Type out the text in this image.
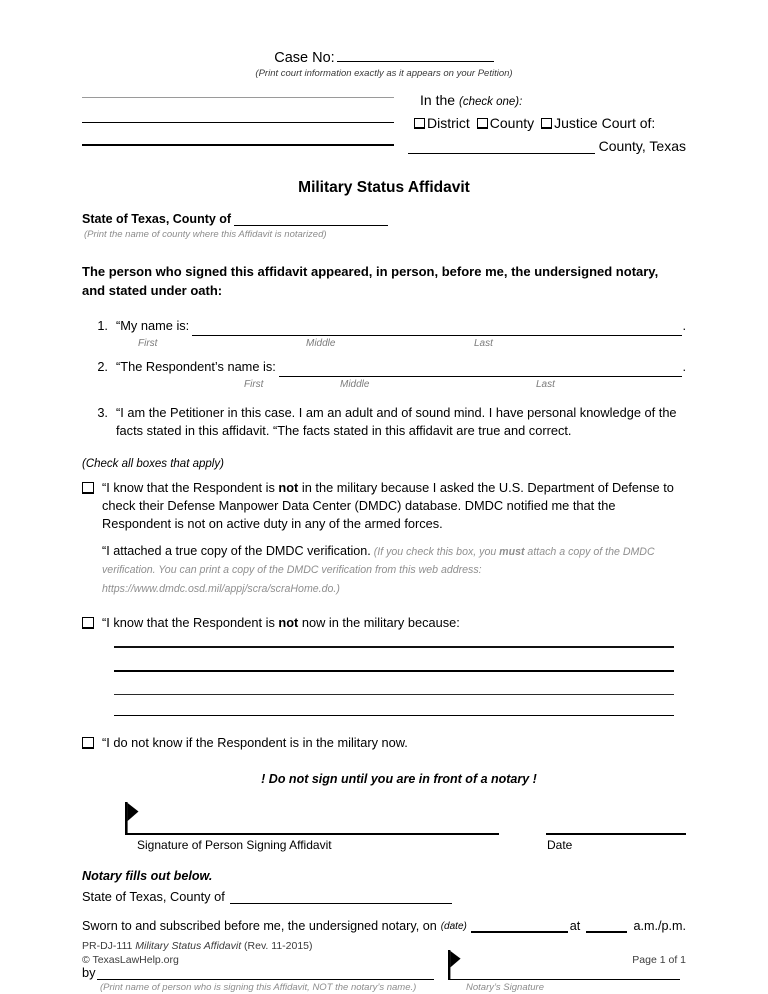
Case No:
(Print court information exactly as it appears on your Petition)
In the (check one):
District County Justice Court of:
County, Texas
Military Status Affidavit
State of Texas, County of
(Print the name of county where this Affidavit is notarized)
The person who signed this affidavit appeared, in person, before me, the undersigned notary, and stated under oath:
1. “My name is:	.
First	Middle	Last
2. “The Respondent’s name is:	.
First	Middle	Last
3. “I am the Petitioner in this case. I am an adult and of sound mind. I have personal knowledge of the facts stated in this affidavit. “The facts stated in this affidavit are true and correct.
(Check all boxes that apply)
“I know that the Respondent is not in the military because I asked the U.S. Department of Defense to check their Defense Manpower Data Center (DMDC) database. DMDC notified me that the Respondent is not on active duty in any of the armed forces.
“I attached a true copy of the DMDC verification. (If you check this box, you must attach a copy of the DMDC verification. You can print a copy of the DMDC verification from this web address: https://www.dmdc.osd.mil/appj/scra/scraHome.do.)
“I know that the Respondent is not now in the military because:
“I do not know if the Respondent is in the military now.
! Do not sign until you are in front of a notary !
Signature of Person Signing Affidavit	Date
Notary fills out below.
State of Texas, County of
Sworn to and subscribed before me, the undersigned notary, on (date)	at	a.m./p.m.
by
(Print name of person who is signing this Affidavit, NOT the notary’s name.)	Notary’s Signature
PR-DJ-111 Military Status Affidavit (Rev. 11-2015)
© TexasLawHelp.org	Page 1 of 1
